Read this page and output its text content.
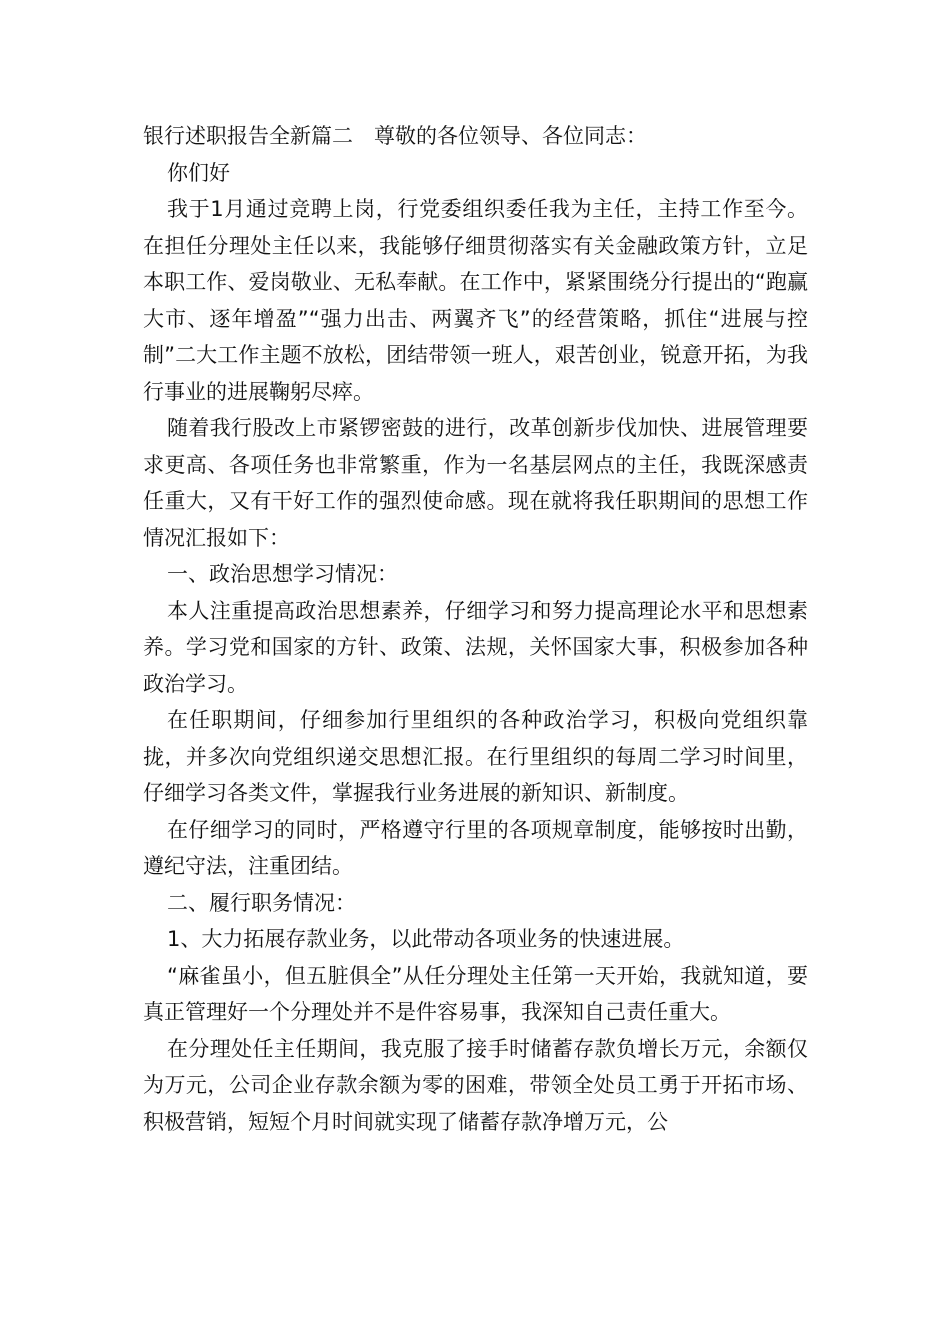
银行述职报告全新篇二　尊敬的各位领导、各位同志：

你们好

我于1月通过竞聘上岗，行党委组织委任我为主任，主持工作至今。在担任分理处主任以来，我能够仔细贯彻落实有关金融政策方针，立足本职工作、爱岗敬业、无私奉献。在工作中，紧紧围绕分行提出的“跑赢大市、逐年增盈”“强力出击、两翼齐飞”的经营策略，抓住“进展与控制”二大工作主题不放松，团结带领一班人，艰苦创业，锐意开拓，为我行事业的进展鞠躬尽瘁。

随着我行股改上市紧锣密鼓的进行，改革创新步伐加快、进展管理要求更高、各项任务也非常繁重，作为一名基层网点的主任，我既深感责任重大，又有干好工作的强烈使命感。现在就将我任职期间的思想工作情况汇报如下：

一、政治思想学习情况：

本人注重提高政治思想素养，仔细学习和努力提高理论水平和思想素养。学习党和国家的方针、政策、法规，关怀国家大事，积极参加各种政治学习。

在任职期间，仔细参加行里组织的各种政治学习，积极向党组织靠拢，并多次向党组织递交思想汇报。在行里组织的每周二学习时间里，仔细学习各类文件，掌握我行业务进展的新知识、新制度。

在仔细学习的同时，严格遵守行里的各项规章制度，能够按时出勤，遵纪守法，注重团结。

二、履行职务情况：

1、大力拓展存款业务，以此带动各项业务的快速进展。

“麻雀虽小，但五脏俱全”从任分理处主任第一天开始，我就知道，要真正管理好一个分理处并不是件容易事，我深知自己责任重大。

在分理处任主任期间，我克服了接手时储蓄存款负增长万元，余额仅为万元，公司企业存款余额为零的困难，带领全处员工勇于开拓市场、积极营销，短短个月时间就实现了储蓄存款净增万元，公
